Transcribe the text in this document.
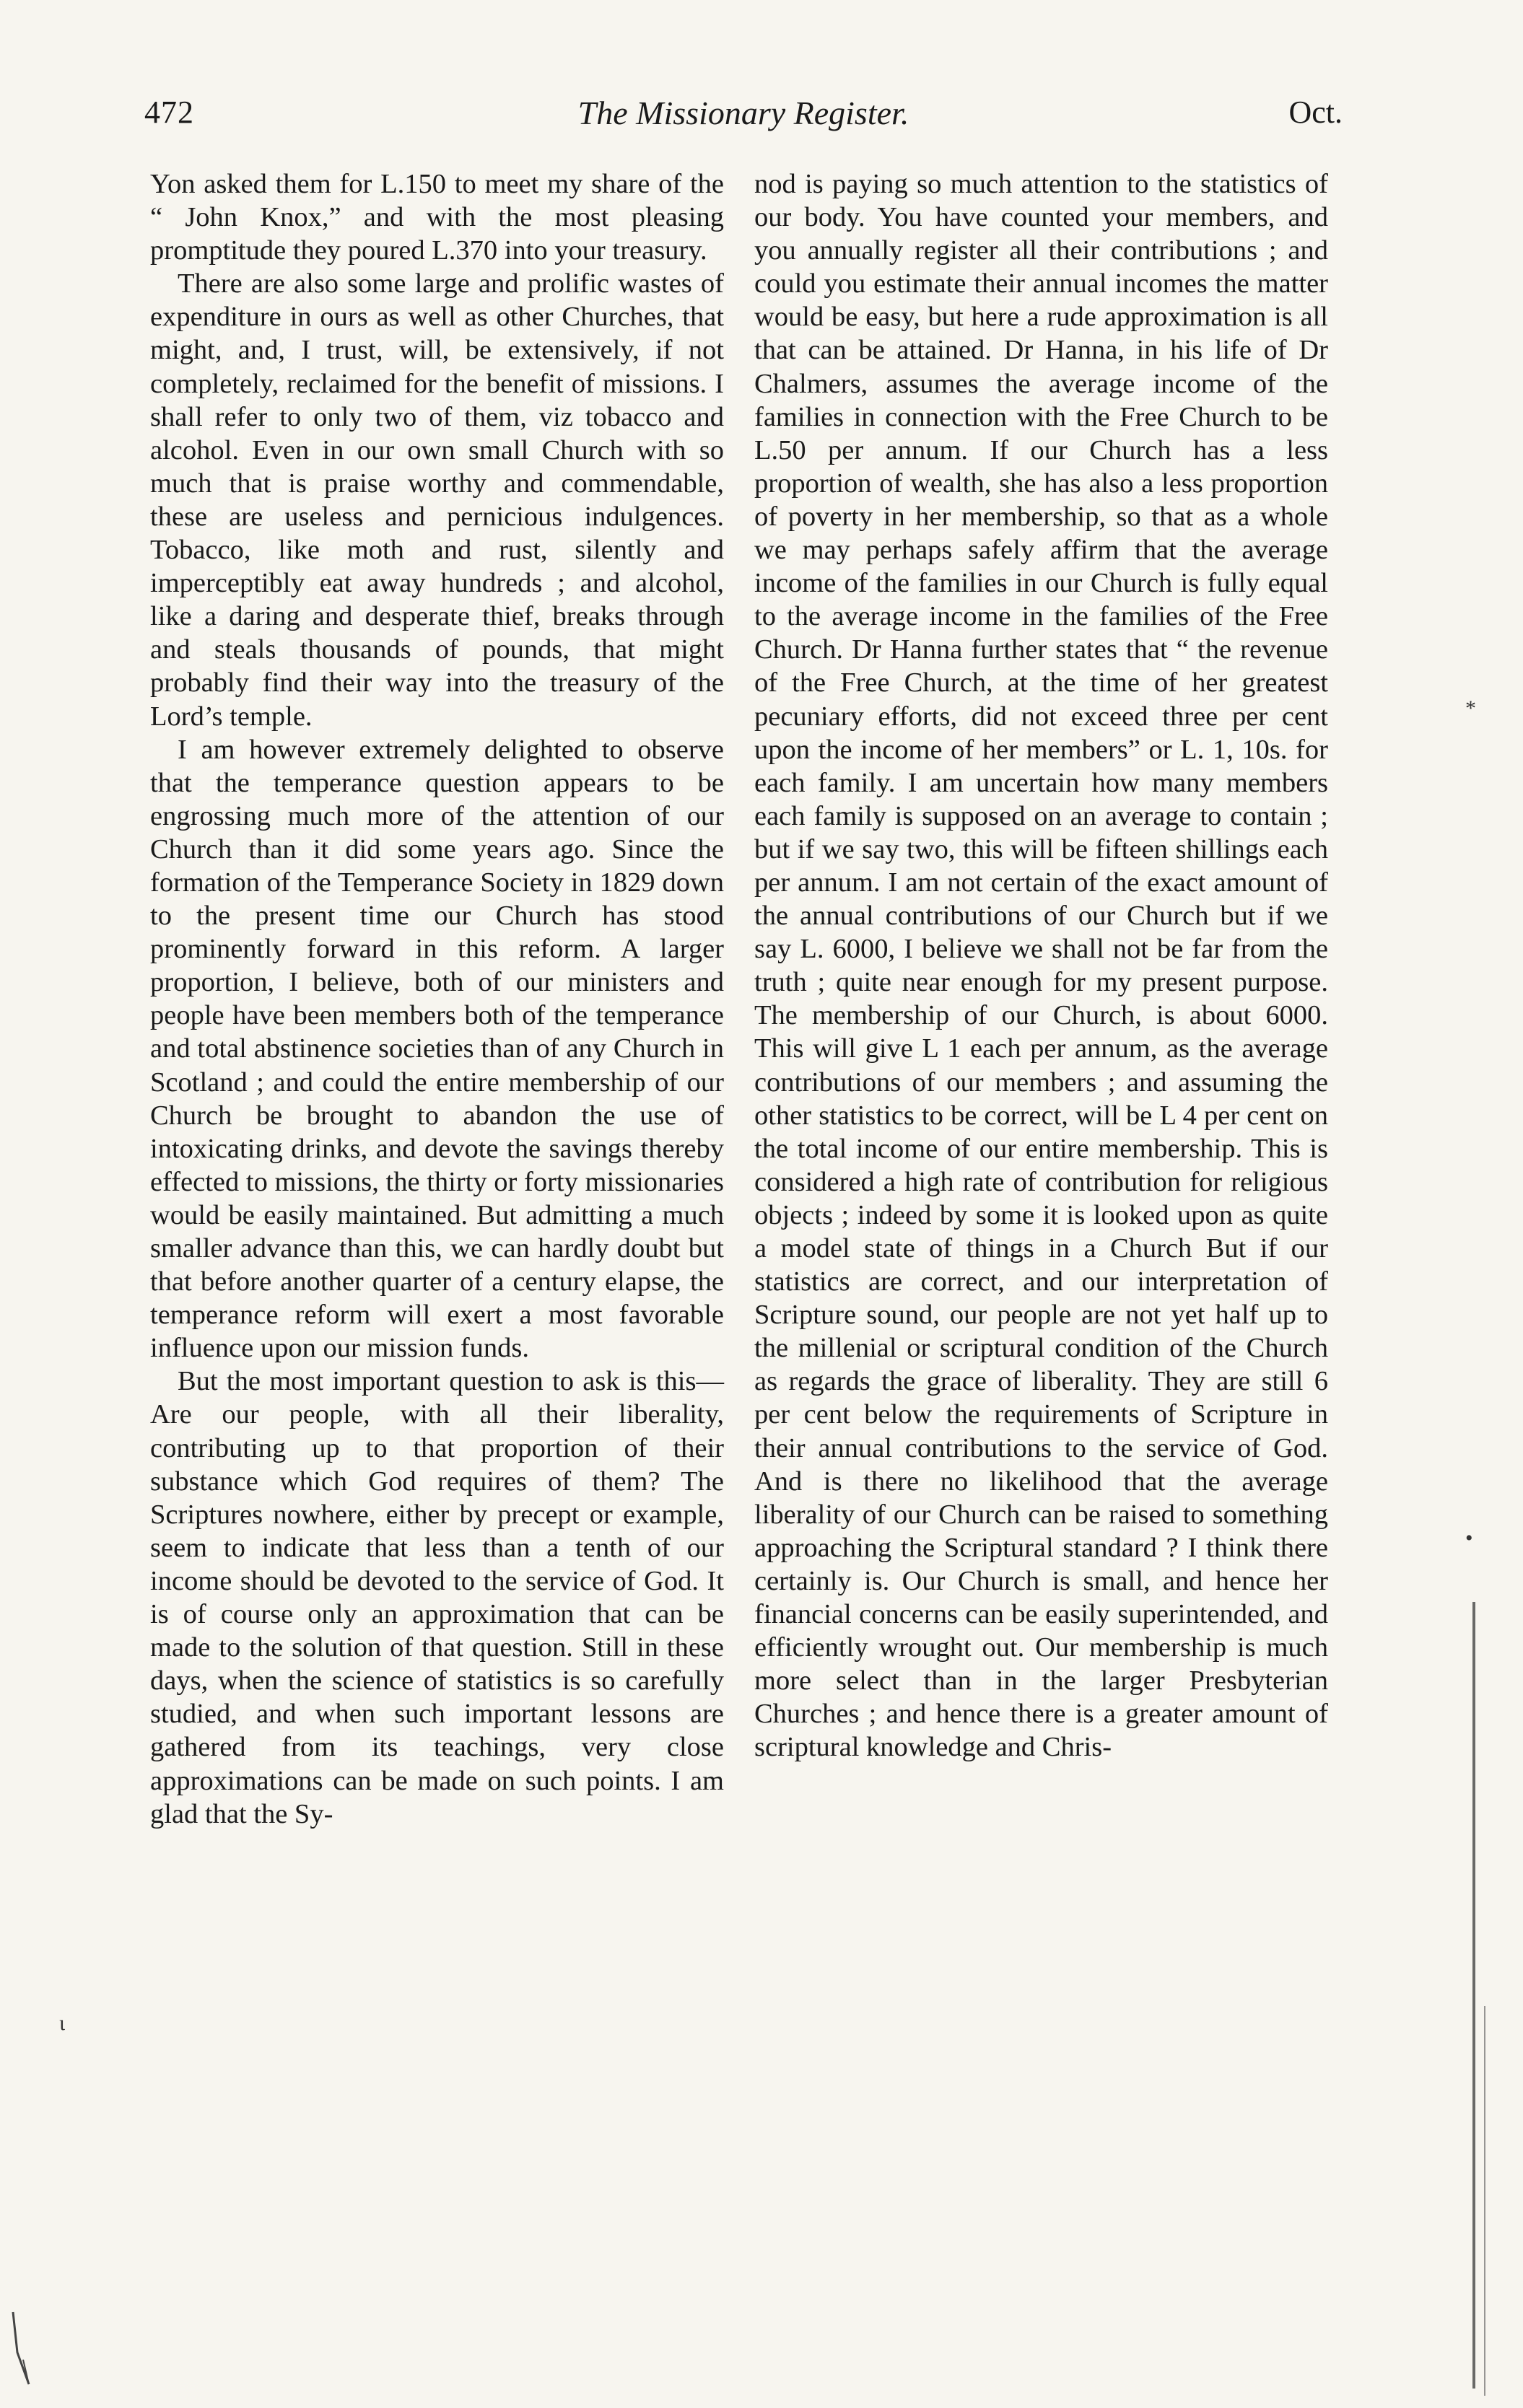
472	The Missionary Register.	Oct.

Yon asked them for L.150 to meet my share of the “ John Knox,” and with the most pleasing promptitude they poured L.370 into your treasury.

There are also some large and prolific wastes of expenditure in ours as well as other Churches, that might, and, I trust, will, be extensively, if not completely, reclaimed for the benefit of missions. I shall refer to only two of them, viz tobacco and alcohol. Even in our own small Church with so much that is praise worthy and commendable, these are useless and pernicious indulgences. Tobacco, like moth and rust, silently and imperceptibly eat away hundreds ; and alcohol, like a daring and desperate thief, breaks through and steals thousands of pounds, that might probably find their way into the treasury of the Lord’s temple.

I am however extremely delighted to observe that the temperance question appears to be engrossing much more of the attention of our Church than it did some years ago. Since the formation of the Temperance Society in 1829 down to the present time our Church has stood prominently forward in this reform. A larger proportion, I believe, both of our ministers and people have been members both of the temperance and total abstinence societies than of any Church in Scotland ; and could the entire membership of our Church be brought to abandon the use of intoxicating drinks, and devote the savings thereby effected to missions, the thirty or forty missionaries would be easily maintained. But admitting a much smaller advance than this, we can hardly doubt but that before another quarter of a century elapse, the temperance reform will exert a most favorable influence upon our mission funds.

But the most important question to ask is this—Are our people, with all their liberality, contributing up to that proportion of their substance which God requires of them? The Scriptures nowhere, either by precept or example, seem to indicate that less than a tenth of our income should be devoted to the service of God. It is of course only an approximation that can be made to the solution of that question. Still in these days, when the science of statistics is so carefully studied, and when such important lessons are gathered from its teachings, very close approximations can be made on such points. I am glad that the Sy-

nod is paying so much attention to the statistics of our body. You have counted your members, and you annually register all their contributions ; and could you estimate their annual incomes the matter would be easy, but here a rude approximation is all that can be attained. Dr Hanna, in his life of Dr Chalmers, assumes the average income of the families in connection with the Free Church to be L.50 per annum. If our Church has a less proportion of wealth, she has also a less proportion of poverty in her membership, so that as a whole we may perhaps safely affirm that the average income of the families in our Church is fully equal to the average income in the families of the Free Church. Dr Hanna further states that “ the revenue of the Free Church, at the time of her greatest pecuniary efforts, did not exceed three per cent upon the income of her members” or L. 1, 10s. for each family. I am uncertain how many members each family is supposed on an average to contain ; but if we say two, this will be fifteen shillings each per annum. I am not certain of the exact amount of the annual contributions of our Church but if we say L. 6000, I believe we shall not be far from the truth ; quite near enough for my present purpose. The membership of our Church, is about 6000. This will give L 1 each per annum, as the average contributions of our members ; and assuming the other statistics to be correct, will be L 4 per cent on the total income of our entire membership. This is considered a high rate of contribution for religious objects ; indeed by some it is looked upon as quite a model state of things in a Church But if our statistics are correct, and our interpretation of Scripture sound, our people are not yet half up to the millenial or scriptural condition of the Church as regards the grace of liberality. They are still 6 per cent below the requirements of Scripture in their annual contributions to the service of God. And is there no likelihood that the average liberality of our Church can be raised to something approaching the Scriptural standard ? I think there certainly is. Our Church is small, and hence her financial concerns can be easily superintended, and efficiently wrought out. Our membership is much more select than in the larger Presbyterian Churches ; and hence there is a greater amount of scriptural knowledge and Chris-

ι
*
•
